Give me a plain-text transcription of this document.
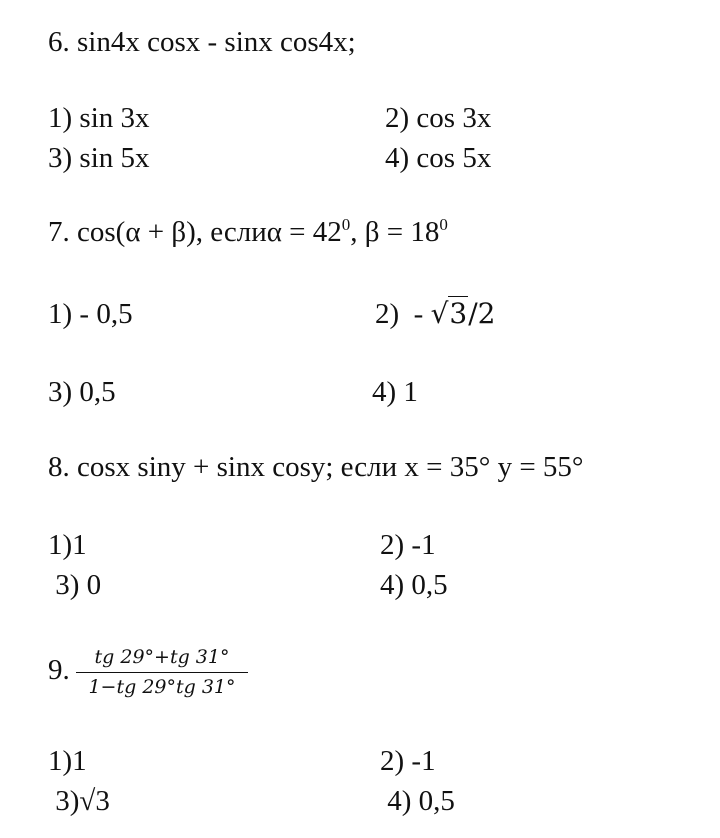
6. sin4x cosx - sinx cos4x;
1) sin 3x	2) cos 3x
3) sin 5x	4) cos 5x
7. cos(α + β), еслиα = $42^0$, $\beta = 18^0$
1) - 0,5	2)  - √3/2
3) 0,5	4) 1
8. cosx siny + sinx cosy; если x = 35° y = 55°
1)1	2) -1
3) 0	4) 0,5
9. $\frac{tg 29^\circ+tg 31^\circ}{1-tg 29^\circ tg 31^\circ}$
1)1	2) -1
3)√3	4) 0,5
